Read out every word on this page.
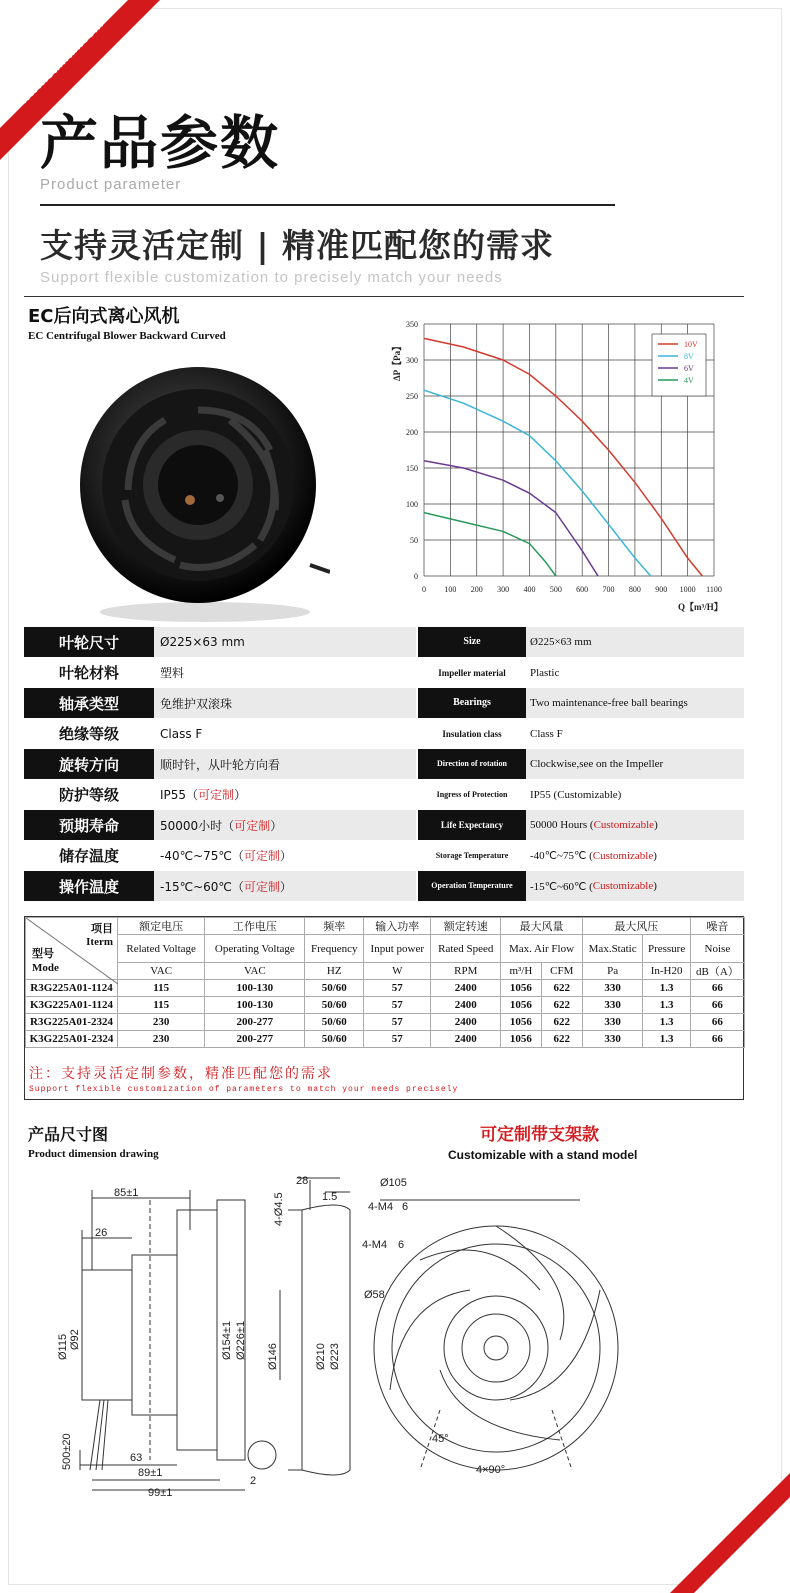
www.stmfan.com
产品参数
Product parameter
支持灵活定制 | 精准匹配您的需求
Support flexible customization to precisely match your needs
EC后向式离心风机
EC Centrifugal Blower Backward Curved
ΔP【Pa】
Q【m³/H】
0 100 200 300 400 500 600 700 800 900 1000 1100
0
50
100
150
200
250
300
350
10V
8V
6V
4V
叶轮尺寸	Ø225×63 mm	Size	Ø225×63 mm
叶轮材料	塑料	Impeller material	Plastic
轴承类型	免维护双滚珠	Bearings	Two maintenance-free ball bearings
绝缘等级	Class F	Insulation class	Class F
旋转方向	顺时针，从叶轮方向看	Direction of rotation	Clockwise,see on the Impeller
防护等级	IP55（ 可定制 ）	Ingress of Protection	IP55 (Customizable)
预期寿命	50000小时（ 可定制 ）	Life Expectancy	50000 Hours ( Customizable )
储存温度	-40℃~75℃（ 可定制 ）	Storage Temperature	-40℃~75℃ ( Customizable )
操作温度	-15℃~60℃（ 可定制 ）	Operation Temperature	-15℃~60℃ ( Customizable )
项目
Iterm
型号
Mode	额定电压	工作电压	频率	输入功率	额定转速	最大风量		最大风压		噪音
	Related Voltage	Operating Voltage	Frequency	Input power	Rated Speed	Max. Air Flow		Max.Static	Pressure	Noise
	VAC	VAC	HZ	W	RPM	m³/H	CFM	Pa	In-H20	dB（A）
R3G225A01-1124	115	100-130	50/60	57	2400	1056	622	330	1.3	66
K3G225A01-1124	115	100-130	50/60	57	2400	1056	622	330	1.3	66
R3G225A01-2324	230	200-277	50/60	57	2400	1056	622	330	1.3	66
K3G225A01-2324	230	200-277	50/60	57	2400	1056	622	330	1.3	66
注：支持灵活定制参数，精准匹配您的需求
Support flexible customization of parameters to match your needs precisely
产品尺寸图
Product dimension drawing
可定制带支架款
Customizable with a stand model
85±1
26
Ø115 Ø92
500±20
Ø154±1 Ø226±1
63
89±1
99±1
2
28
1.5
4-Ø4.5
Ø146	Ø210 Ø223
Ø105
4-M4 6
4-M4 6
Ø58
45°
4×90°
